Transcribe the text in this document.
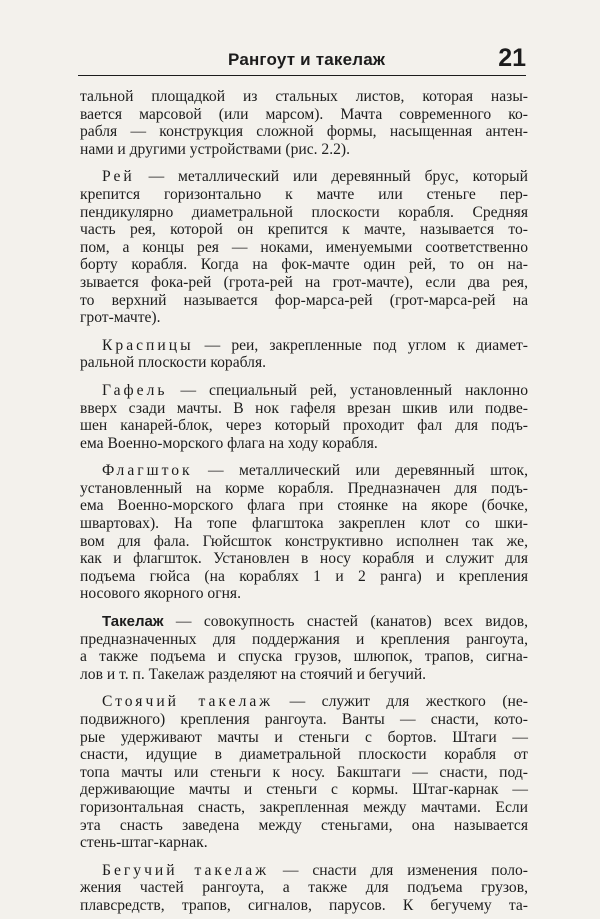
Рангоут и такелаж	21

тальной площадкой из стальных листов, которая назы-
вается марсовой (или марсом). Мачта современного ко-
рабля — конструкция сложной формы, насыщенная антен-
нами и другими устройствами (рис. 2.2).

Рей — металлический или деревянный брус, который
крепится горизонтально к мачте или стеньге пер-
пендикулярно диаметральной плоскости корабля. Средняя
часть рея, которой он крепится к мачте, называется то-
пом, а концы рея — ноками, именуемыми соответственно
борту корабля. Когда на фок-мачте один рей, то он на-
зывается фока-рей (грота-рей на грот-мачте), если два рея,
то верхний называется фор-марса-рей (грот-марса-рей на
грот-мачте).

Краспицы — реи, закрепленные под углом к диамет-
ральной плоскости корабля.

Гафель — специальный рей, установленный наклонно
вверх сзади мачты. В нок гафеля врезан шкив или подве-
шен канарей-блок, через который проходит фал для подъ-
ема Военно-морского флага на ходу корабля.

Флагшток — металлический или деревянный шток,
установленный на корме корабля. Предназначен для подъ-
ема Военно-морского флага при стоянке на якоре (бочке,
швартовах). На топе флагштока закреплен клот со шки-
вом для фала. Гюйсшток конструктивно исполнен так же,
как и флагшток. Установлен в носу корабля и служит для
подъема гюйса (на кораблях 1 и 2 ранга) и крепления
носового якорного огня.

Такелаж — совокупность снастей (канатов) всех видов,
предназначенных для поддержания и крепления рангоута,
а также подъема и спуска грузов, шлюпок, трапов, сигна-
лов и т. п. Такелаж разделяют на стоячий и бегучий.

Стоячий такелаж — служит для жесткого (не-
подвижного) крепления рангоута. Ванты — снасти, кото-
рые удерживают мачты и стеньги с бортов. Штаги —
снасти, идущие в диаметральной плоскости корабля от
топа мачты или стеньги к носу. Бакштаги — снасти, под-
держивающие мачты и стеньги с кормы. Штаг-карнак —
горизонтальная снасть, закрепленная между мачтами. Если
эта снасть заведена между стеньгами, она называется
стень-штаг-карнак.

Бегучий такелаж — снасти для изменения поло-
жения частей рангоута, а также для подъема грузов,
плавсредств, трапов, сигналов, парусов. К бегучему та-
